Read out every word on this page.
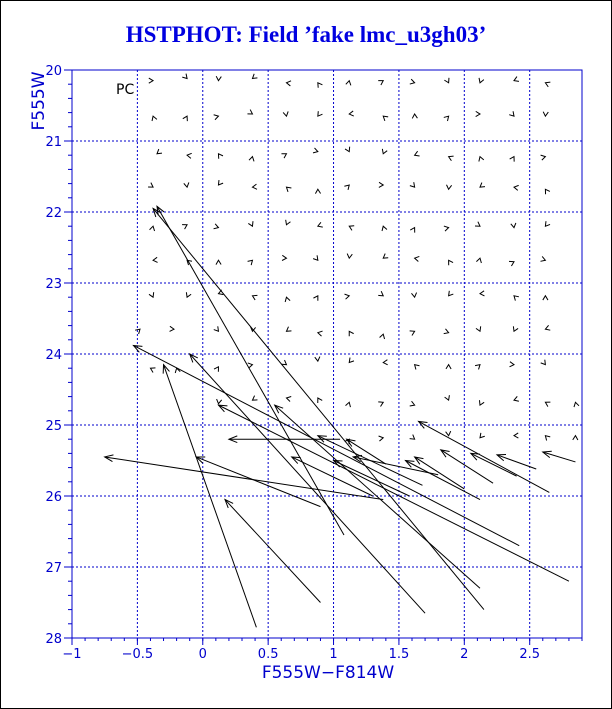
HSTPHOT: Field ’fake lmc_u3gh03’
−1	−0.5	0	0.5	1	1.5	2	2.5
20
21
22
23
24
25
26
27
28
PC
F555W−F814W
F555W
